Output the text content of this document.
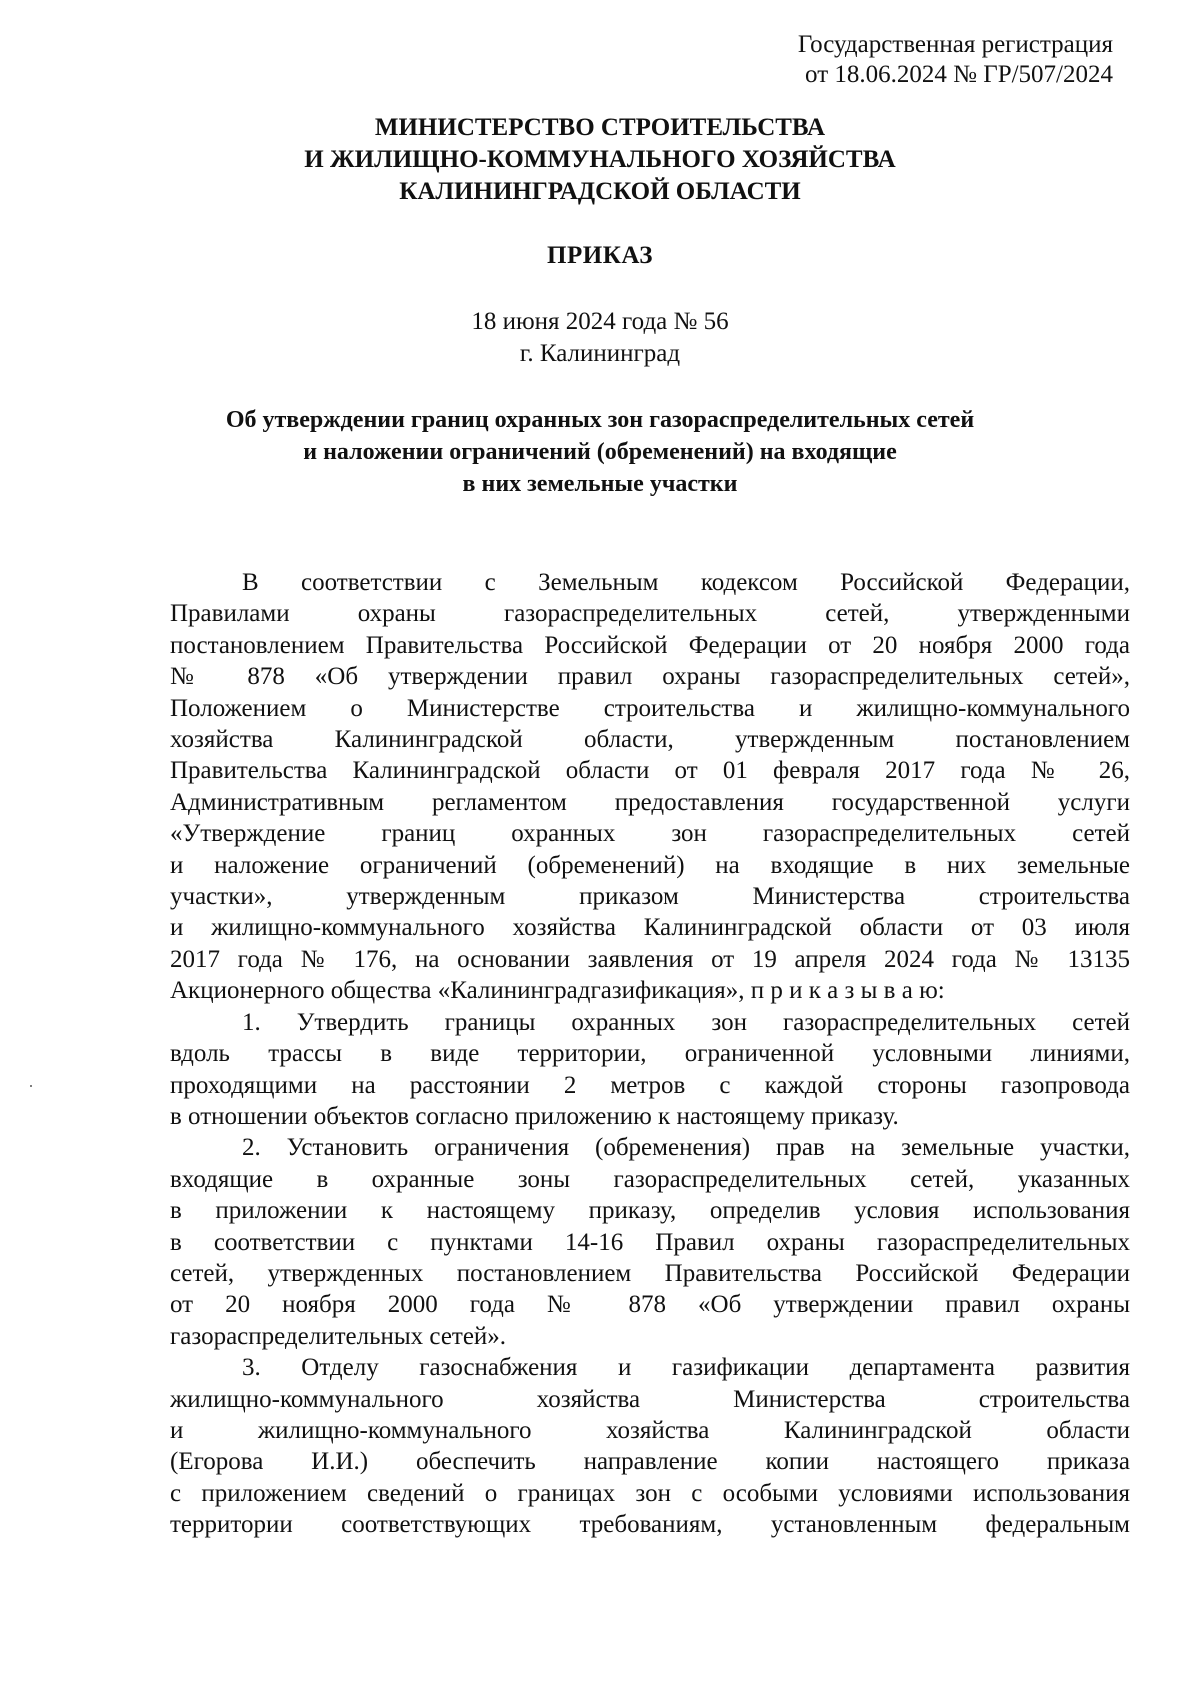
Государственная регистрация
от 18.06.2024 № ГР/507/2024
МИНИСТЕРСТВО СТРОИТЕЛЬСТВА
И ЖИЛИЩНО-КОММУНАЛЬНОГО ХОЗЯЙСТВА
КАЛИНИНГРАДСКОЙ ОБЛАСТИ
ПРИКАЗ
18 июня 2024 года № 56
г. Калининград
Об утверждении границ охранных зон газораспределительных сетей
и наложении ограничений (обременений) на входящие
в них земельные участки
В соответствии с Земельным кодексом Российской Федерации,
Правилами охраны газораспределительных сетей, утвержденными
постановлением Правительства Российской Федерации от 20 ноября 2000 года
№ 878 «Об утверждении правил охраны газораспределительных сетей»,
Положением о Министерстве строительства и жилищно-коммунального
хозяйства Калининградской области, утвержденным постановлением
Правительства Калининградской области от 01 февраля 2017 года № 26,
Административным регламентом предоставления государственной услуги
«Утверждение границ охранных зон газораспределительных сетей
и наложение ограничений (обременений) на входящие в них земельные
участки», утвержденным приказом Министерства строительства
и жилищно-коммунального хозяйства Калининградской области от 03 июля
2017 года № 176, на основании заявления от 19 апреля 2024 года № 13135
Акционерного общества «Калининградгазификация», п р и к а з ы в а ю:
1. Утвердить границы охранных зон газораспределительных сетей
вдоль трассы в виде территории, ограниченной условными линиями,
проходящими на расстоянии 2 метров с каждой стороны газопровода
в отношении объектов согласно приложению к настоящему приказу.
2. Установить ограничения (обременения) прав на земельные участки,
входящие в охранные зоны газораспределительных сетей, указанных
в приложении к настоящему приказу, определив условия использования
в соответствии с пунктами 14-16 Правил охраны газораспределительных
сетей, утвержденных постановлением Правительства Российской Федерации
от 20 ноября 2000 года № 878 «Об утверждении правил охраны
газораспределительных сетей».
3. Отделу газоснабжения и газификации департамента развития
жилищно-коммунального хозяйства Министерства строительства
и жилищно-коммунального хозяйства Калининградской области
(Егорова И.И.) обеспечить направление копии настоящего приказа
с приложением сведений о границах зон с особыми условиями использования
территории соответствующих требованиям, установленным федеральным
